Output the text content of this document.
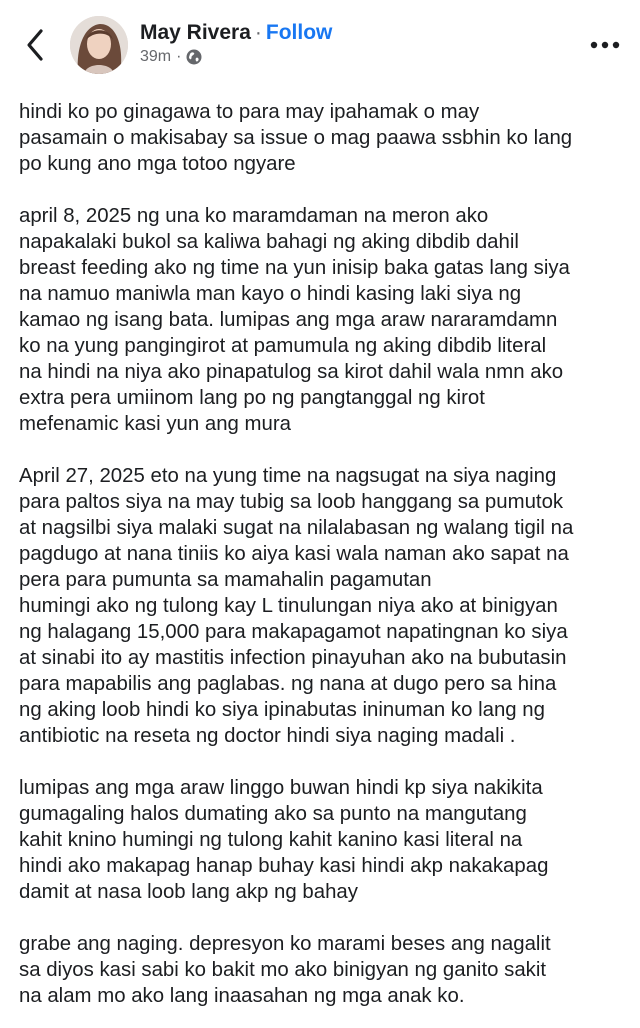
May Rivera · Follow
39m ·

hindi ko po ginagawa to para may ipahamak o may
pasamain o makisabay sa issue o mag paawa ssbhin ko lang
po kung ano mga totoo ngyare

april 8, 2025 ng una ko maramdaman na meron ako
napakalaki bukol sa kaliwa bahagi ng aking dibdib dahil
breast feeding ako ng time na yun inisip baka gatas lang siya
na namuo maniwla man kayo o hindi kasing laki siya ng
kamao ng isang bata. lumipas ang mga araw nararamdamn
ko na yung pangingirot at pamumula ng aking dibdib literal
na hindi na niya ako pinapatulog sa kirot dahil wala nmn ako
extra pera umiinom lang po ng pangtanggal ng kirot
mefenamic kasi yun ang mura

April 27, 2025 eto na yung time na nagsugat na siya naging
para paltos siya na may tubig sa loob hanggang sa pumutok
at nagsilbi siya malaki sugat na nilalabasan ng walang tigil na
pagdugo at nana tiniis ko aiya kasi wala naman ako sapat na
pera para pumunta sa mamahalin pagamutan
humingi ako ng tulong kay L tinulungan niya ako at binigyan
ng halagang 15,000 para makapagamot napatingnan ko siya
at sinabi ito ay mastitis infection pinayuhan ako na bubutasin
para mapabilis ang paglabas. ng nana at dugo pero sa hina
ng aking loob hindi ko siya ipinabutas ininuman ko lang ng
antibiotic na reseta ng doctor hindi siya naging madali .

lumipas ang mga araw linggo buwan hindi kp siya nakikita
gumagaling halos dumating ako sa punto na mangutang
kahit knino humingi ng tulong kahit kanino kasi literal na
hindi ako makapag hanap buhay kasi hindi akp nakakapag
damit at nasa loob lang akp ng bahay

grabe ang naging. depresyon ko marami beses ang nagalit
sa diyos kasi sabi ko bakit mo ako binigyan ng ganito sakit
na alam mo ako lang inaasahan ng mga anak ko.
